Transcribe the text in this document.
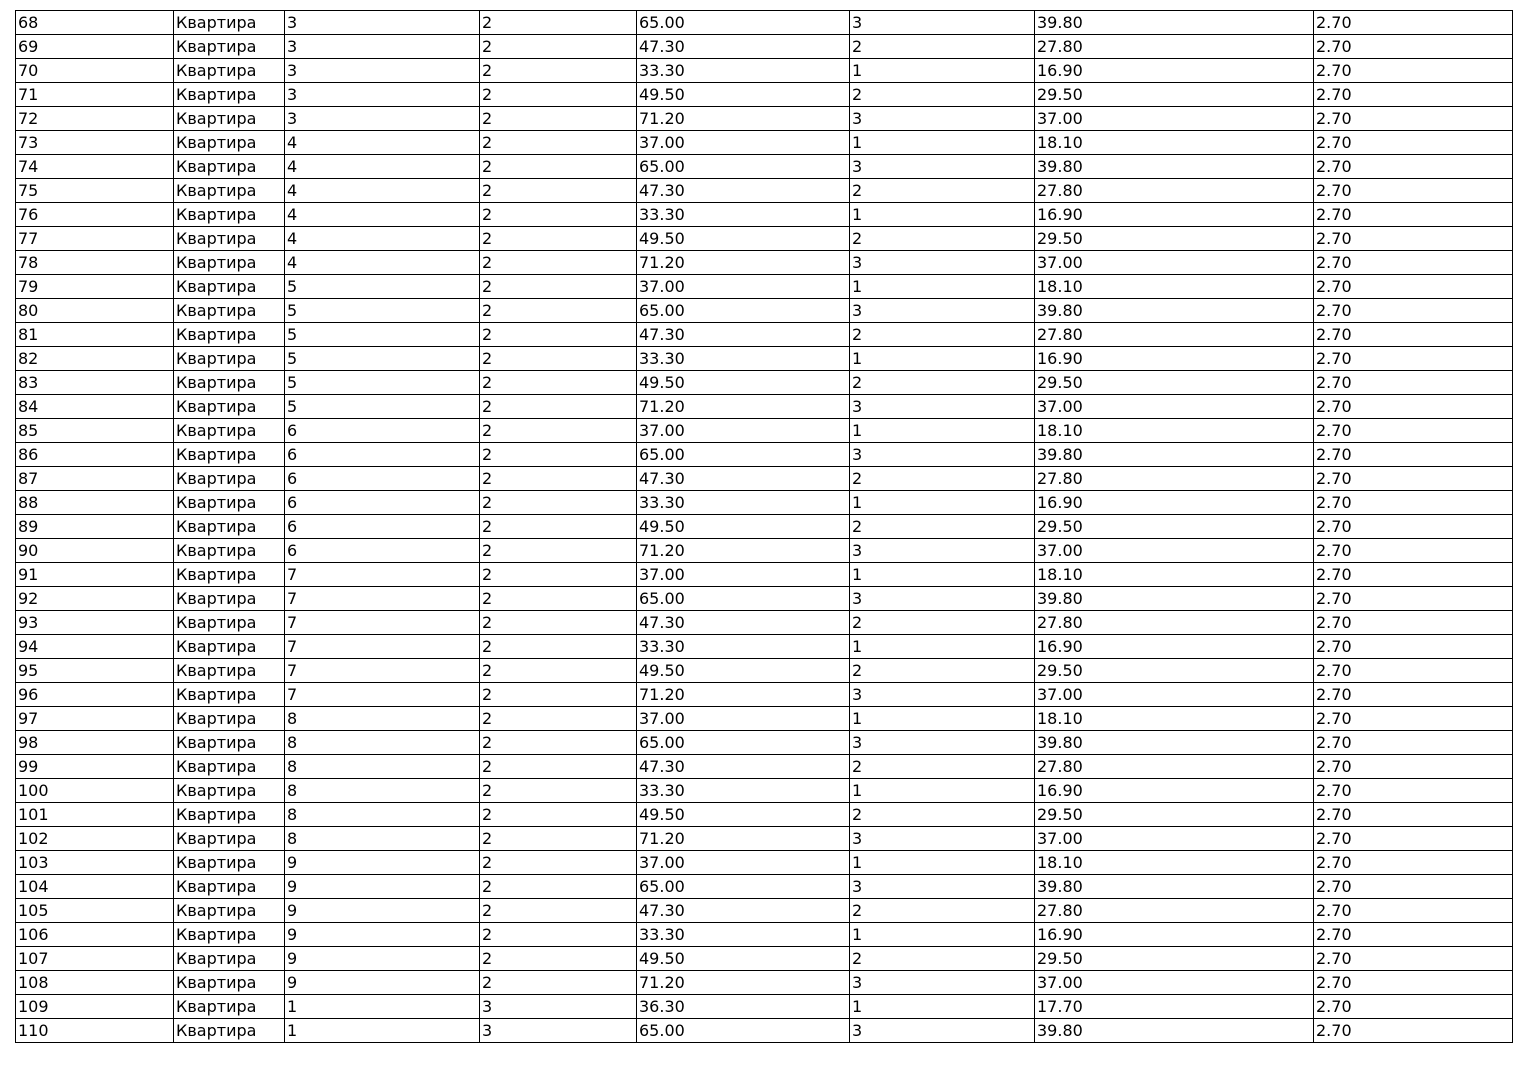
68	Квартира	3	2	65.00	3	39.80	2.70
69	Квартира	3	2	47.30	2	27.80	2.70
70	Квартира	3	2	33.30	1	16.90	2.70
71	Квартира	3	2	49.50	2	29.50	2.70
72	Квартира	3	2	71.20	3	37.00	2.70
73	Квартира	4	2	37.00	1	18.10	2.70
74	Квартира	4	2	65.00	3	39.80	2.70
75	Квартира	4	2	47.30	2	27.80	2.70
76	Квартира	4	2	33.30	1	16.90	2.70
77	Квартира	4	2	49.50	2	29.50	2.70
78	Квартира	4	2	71.20	3	37.00	2.70
79	Квартира	5	2	37.00	1	18.10	2.70
80	Квартира	5	2	65.00	3	39.80	2.70
81	Квартира	5	2	47.30	2	27.80	2.70
82	Квартира	5	2	33.30	1	16.90	2.70
83	Квартира	5	2	49.50	2	29.50	2.70
84	Квартира	5	2	71.20	3	37.00	2.70
85	Квартира	6	2	37.00	1	18.10	2.70
86	Квартира	6	2	65.00	3	39.80	2.70
87	Квартира	6	2	47.30	2	27.80	2.70
88	Квартира	6	2	33.30	1	16.90	2.70
89	Квартира	6	2	49.50	2	29.50	2.70
90	Квартира	6	2	71.20	3	37.00	2.70
91	Квартира	7	2	37.00	1	18.10	2.70
92	Квартира	7	2	65.00	3	39.80	2.70
93	Квартира	7	2	47.30	2	27.80	2.70
94	Квартира	7	2	33.30	1	16.90	2.70
95	Квартира	7	2	49.50	2	29.50	2.70
96	Квартира	7	2	71.20	3	37.00	2.70
97	Квартира	8	2	37.00	1	18.10	2.70
98	Квартира	8	2	65.00	3	39.80	2.70
99	Квартира	8	2	47.30	2	27.80	2.70
100	Квартира	8	2	33.30	1	16.90	2.70
101	Квартира	8	2	49.50	2	29.50	2.70
102	Квартира	8	2	71.20	3	37.00	2.70
103	Квартира	9	2	37.00	1	18.10	2.70
104	Квартира	9	2	65.00	3	39.80	2.70
105	Квартира	9	2	47.30	2	27.80	2.70
106	Квартира	9	2	33.30	1	16.90	2.70
107	Квартира	9	2	49.50	2	29.50	2.70
108	Квартира	9	2	71.20	3	37.00	2.70
109	Квартира	1	3	36.30	1	17.70	2.70
110	Квартира	1	3	65.00	3	39.80	2.70
